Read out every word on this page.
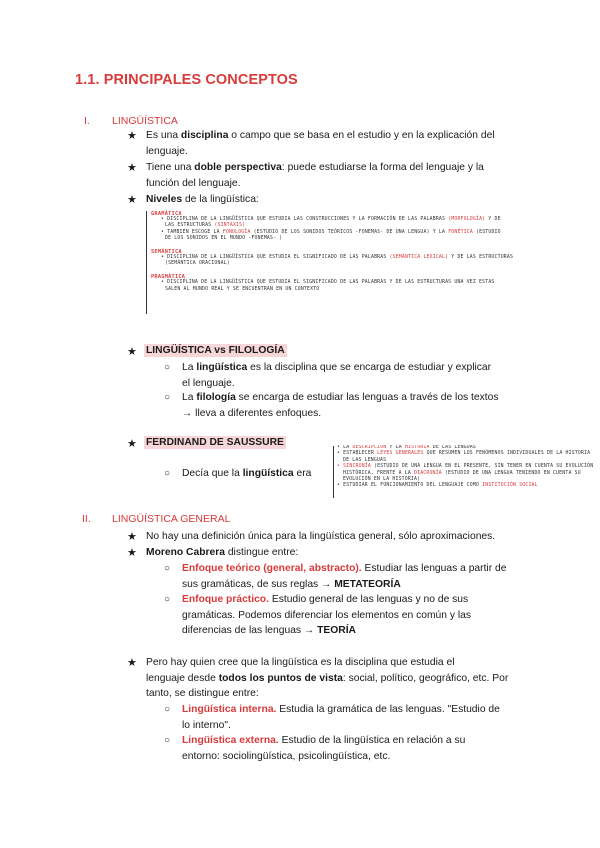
1.1. PRINCIPALES CONCEPTOS
I. LINGÜÍSTICA
★ Es una disciplina o campo que se basa en el estudio y en la explicación del
lenguaje.
★ Tiene una doble perspectiva: puede estudiarse la forma del lenguaje y la
función del lenguaje.
★ Niveles de la lingüística:
GRAMÁTICA
• DISCIPLINA DE LA LINGÜÍSTICA QUE ESTUDIA LAS CONSTRUCCIONES Y LA FORMACIÓN DE LAS PALABRAS (MORFOLOGÍA) Y DE
LAS ESTRUCTURAS (SINTAXIS)
• TAMBIÉN ESCOGE LA FONOLOGÍA (ESTUDIO DE LOS SONIDOS TEÓRICOS -FONEMAS- DE UNA LENGUA) Y LA FONÉTICA (ESTUDIO
DE LOS SONIDOS EN EL MUNDO -FONEMAS- )
SEMÁNTICA
• DISCIPLINA DE LA LINGÜÍSTICA QUE ESTUDIA EL SIGNIFICADO DE LAS PALABRAS (SEMÁNTICA LEXICAL) Y DE LAS ESTRUCTURAS
(SEMÁNTICA ORACIONAL)
PRAGMÁTICA
• DISCIPLINA DE LA LINGÜÍSTICA QUE ESTUDIA EL SIGNIFICADO DE LAS PALABRAS Y DE LAS ESTRUCTURAS UNA VEZ ESTAS
SALEN AL MUNDO REAL Y SE ENCUENTRAN EN UN CONTEXTO
★ LINGÜÍSTICA vs FILOLOGÍA
○ La lingüística es la disciplina que se encarga de estudiar y explicar
el lenguaje.
○ La filología se encarga de estudiar las lenguas a través de los textos
→ lleva a diferentes enfoques.
★ FERDINAND DE SAUSSURE
○ Decía que la lingüística era
• LA DESCRIPCIÓN Y LA HISTORIA DE LAS LENGUAS
• ESTABLECER LEYES GENERALES QUE RESUMEN LOS FENÓMENOS INDIVIDUALES DE LA HISTORIA
DE LAS LENGUAS
• SINCRONÍA (ESTUDIO DE UNA LENGUA EN EL PRESENTE, SIN TENER EN CUENTA SU EVOLUCIÓN
HISTÓRICA, FRENTE A LA DIACRONÍA (ESTUDIO DE UNA LENGUA TENIENDO EN CUENTA SU
EVOLUCIÓN EN LA HISTORIA)
• ESTUDIAR EL FUNCIONAMIENTO DEL LENGUAJE COMO INSTITUCIÓN SOCIAL
II. LINGÜÍSTICA GENERAL
★ No hay una definición única para la lingüística general, sólo aproximaciones.
★ Moreno Cabrera distingue entre:
○ Enfoque teórico (general, abstracto). Estudiar las lenguas a partir de
sus gramáticas, de sus reglas → METATEORÍA
○ Enfoque práctico. Estudio general de las lenguas y no de sus
gramáticas. Podemos diferenciar los elementos en común y las
diferencias de las lenguas → TEORÍA
★ Pero hay quien cree que la lingüística es la disciplina que estudia el
lenguaje desde todos los puntos de vista: social, político, geográfico, etc. Por
tanto, se distingue entre:
○ Lingüística interna. Estudia la gramática de las lenguas. "Estudio de
lo interno".
○ Lingüística externa. Estudio de la lingüística en relación a su
entorno: sociolingüística, psicolingüística, etc.
